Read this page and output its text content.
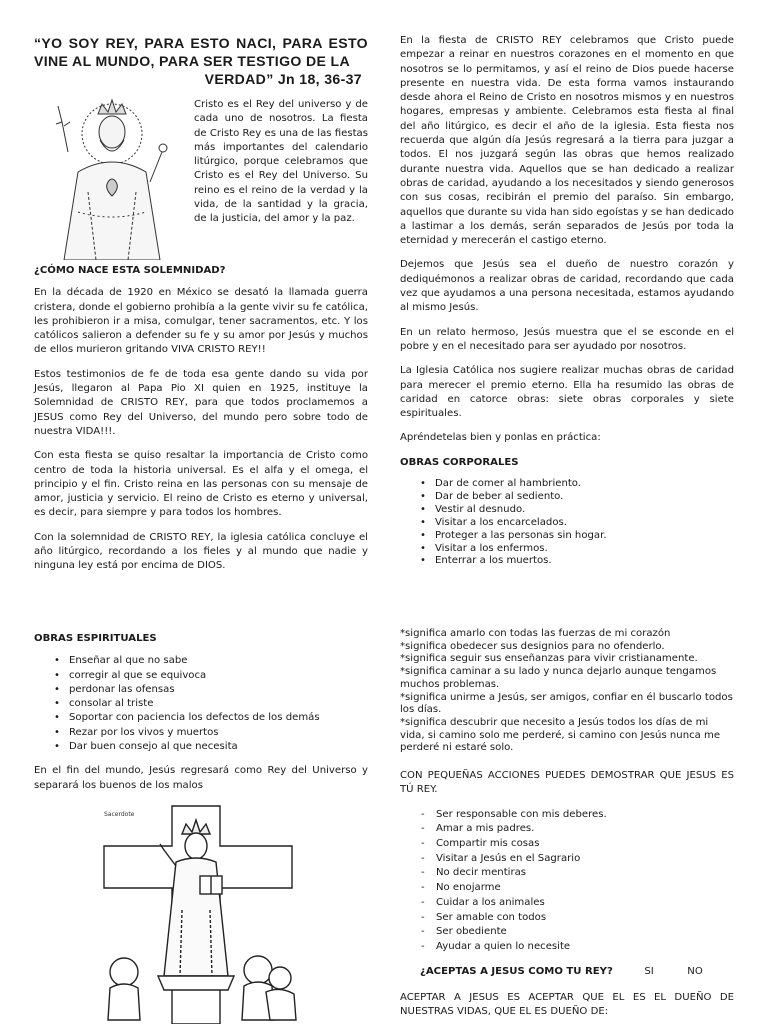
“YO SOY REY, PARA ESTO NACI, PARA ESTO VINE AL MUNDO, PARA SER TESTIGO DE LA
VERDAD” Jn 18, 36-37

Cristo es el Rey del universo y de cada uno de nosotros. La fiesta de Cristo Rey es una de las fiestas más importantes del calendario litúrgico, porque celebramos que Cristo es el Rey del Universo. Su reino es el reino de la verdad y la vida, de la santidad y la gracia, de la justicia, del amor y la paz.

¿CÓMO NACE ESTA SOLEMNIDAD?

En la década de 1920 en México se desató la llamada guerra cristera, donde el gobierno prohibía a la gente vivir su fe católica, les prohibieron ir a misa, comulgar, tener sacramentos, etc. Y los católicos salieron a defender su fe y su amor por Jesús y muchos de ellos murieron gritando VIVA CRISTO REY!!

Estos testimonios de fe de toda esa gente dando su vida por Jesús, llegaron al Papa Pio XI quien en 1925, instituye la Solemnidad de CRISTO REY, para que todos proclamemos a JESUS como Rey del Universo, del mundo pero sobre todo de nuestra VIDA!!!.

Con esta fiesta se quiso resaltar la importancia de Cristo como centro de toda la historia universal. Es el alfa y el omega, el principio y el fin. Cristo reina en las personas con su mensaje de amor, justicia y servicio. El reino de Cristo es eterno y universal, es decir, para siempre y para todos los hombres.

Con la solemnidad de CRISTO REY, la iglesia católica concluye el año litúrgico, recordando a los fieles y al mundo que nadie y ninguna ley está por encima de DIOS.

En la fiesta de CRISTO REY celebramos que Cristo puede empezar a reinar en nuestros corazones en el momento en que nosotros se lo permitamos, y así el reino de Dios puede hacerse presente en nuestra vida. De esta forma vamos instaurando desde ahora el Reino de Cristo en nosotros mismos y en nuestros hogares, empresas y ambiente. Celebramos esta fiesta al final del año litúrgico, es decir el año de la iglesia. Esta fiesta nos recuerda que algún día Jesús regresará a la tierra para juzgar a todos. El nos juzgará según las obras que hemos realizado durante nuestra vida. Aquellos que se han dedicado a realizar obras de caridad, ayudando a los necesitados y siendo generosos con sus cosas, recibirán el premio del paraíso. Sin embargo, aquellos que durante su vida han sido egoístas y se han dedicado a lastimar a los demás, serán separados de Jesús por toda la eternidad y merecerán el castigo eterno.

Dejemos que Jesús sea el dueño de nuestro corazón y dediquémonos a realizar obras de caridad, recordando que cada vez que ayudamos a una persona necesitada, estamos ayudando al mismo Jesús.

En un relato hermoso, Jesús muestra que el se esconde en el pobre y en el necesitado para ser ayudado por nosotros.

La Iglesia Católica nos sugiere realizar muchas obras de caridad para merecer el premio eterno. Ella ha resumido las obras de caridad en catorce obras: siete obras corporales y siete espirituales.

Apréndetelas bien y ponlas en práctica:

OBRAS CORPORALES
• Dar de comer al hambriento.
• Dar de beber al sediento.
• Vestir al desnudo.
• Visitar a los encarcelados.
• Proteger a las personas sin hogar.
• Visitar a los enfermos.
• Enterrar a los muertos.
OBRAS ESPIRITUALES
• Enseñar al que no sabe
• corregir al que se equivoca
• perdonar las ofensas
• consolar al triste
• Soportar con paciencia los defectos de los demás
• Rezar por los vivos y muertos
• Dar buen consejo al que necesita

En el fin del mundo, Jesús regresará como Rey del Universo y separará los buenos de los malos

Sacerdote
*significa amarlo con todas las fuerzas de mi corazón
*significa obedecer sus designios para no ofenderlo.
*significa seguir sus enseñanzas para vivir cristianamente.
*significa caminar a su lado y nunca dejarlo aunque tengamos muchos problemas.
*significa unirme a Jesús, ser amigos, confiar en él buscarlo todos los días.
*significa descubrir que necesito a Jesús todos los días de mi vida, si camino solo me perderé, si camino con Jesús nunca me perderé ni estaré solo.

CON PEQUEÑAS ACCIONES PUEDES DEMOSTRAR QUE JESUS ES TÚ REY.

- Ser responsable con mis deberes.
- Amar a mis padres.
- Compartir mis cosas
- Visitar a Jesús en el Sagrario
- No decir mentiras
- No enojarme
- Cuidar a los animales
- Ser amable con todos
- Ser obediente
- Ayudar a quien lo necesite
¿ACEPTAS A JESUS COMO TU REY?	SI	NO

ACEPTAR A JESUS ES ACEPTAR QUE EL ES EL DUEÑO DE NUESTRAS VIDAS, QUE EL ES DUEÑO DE:
